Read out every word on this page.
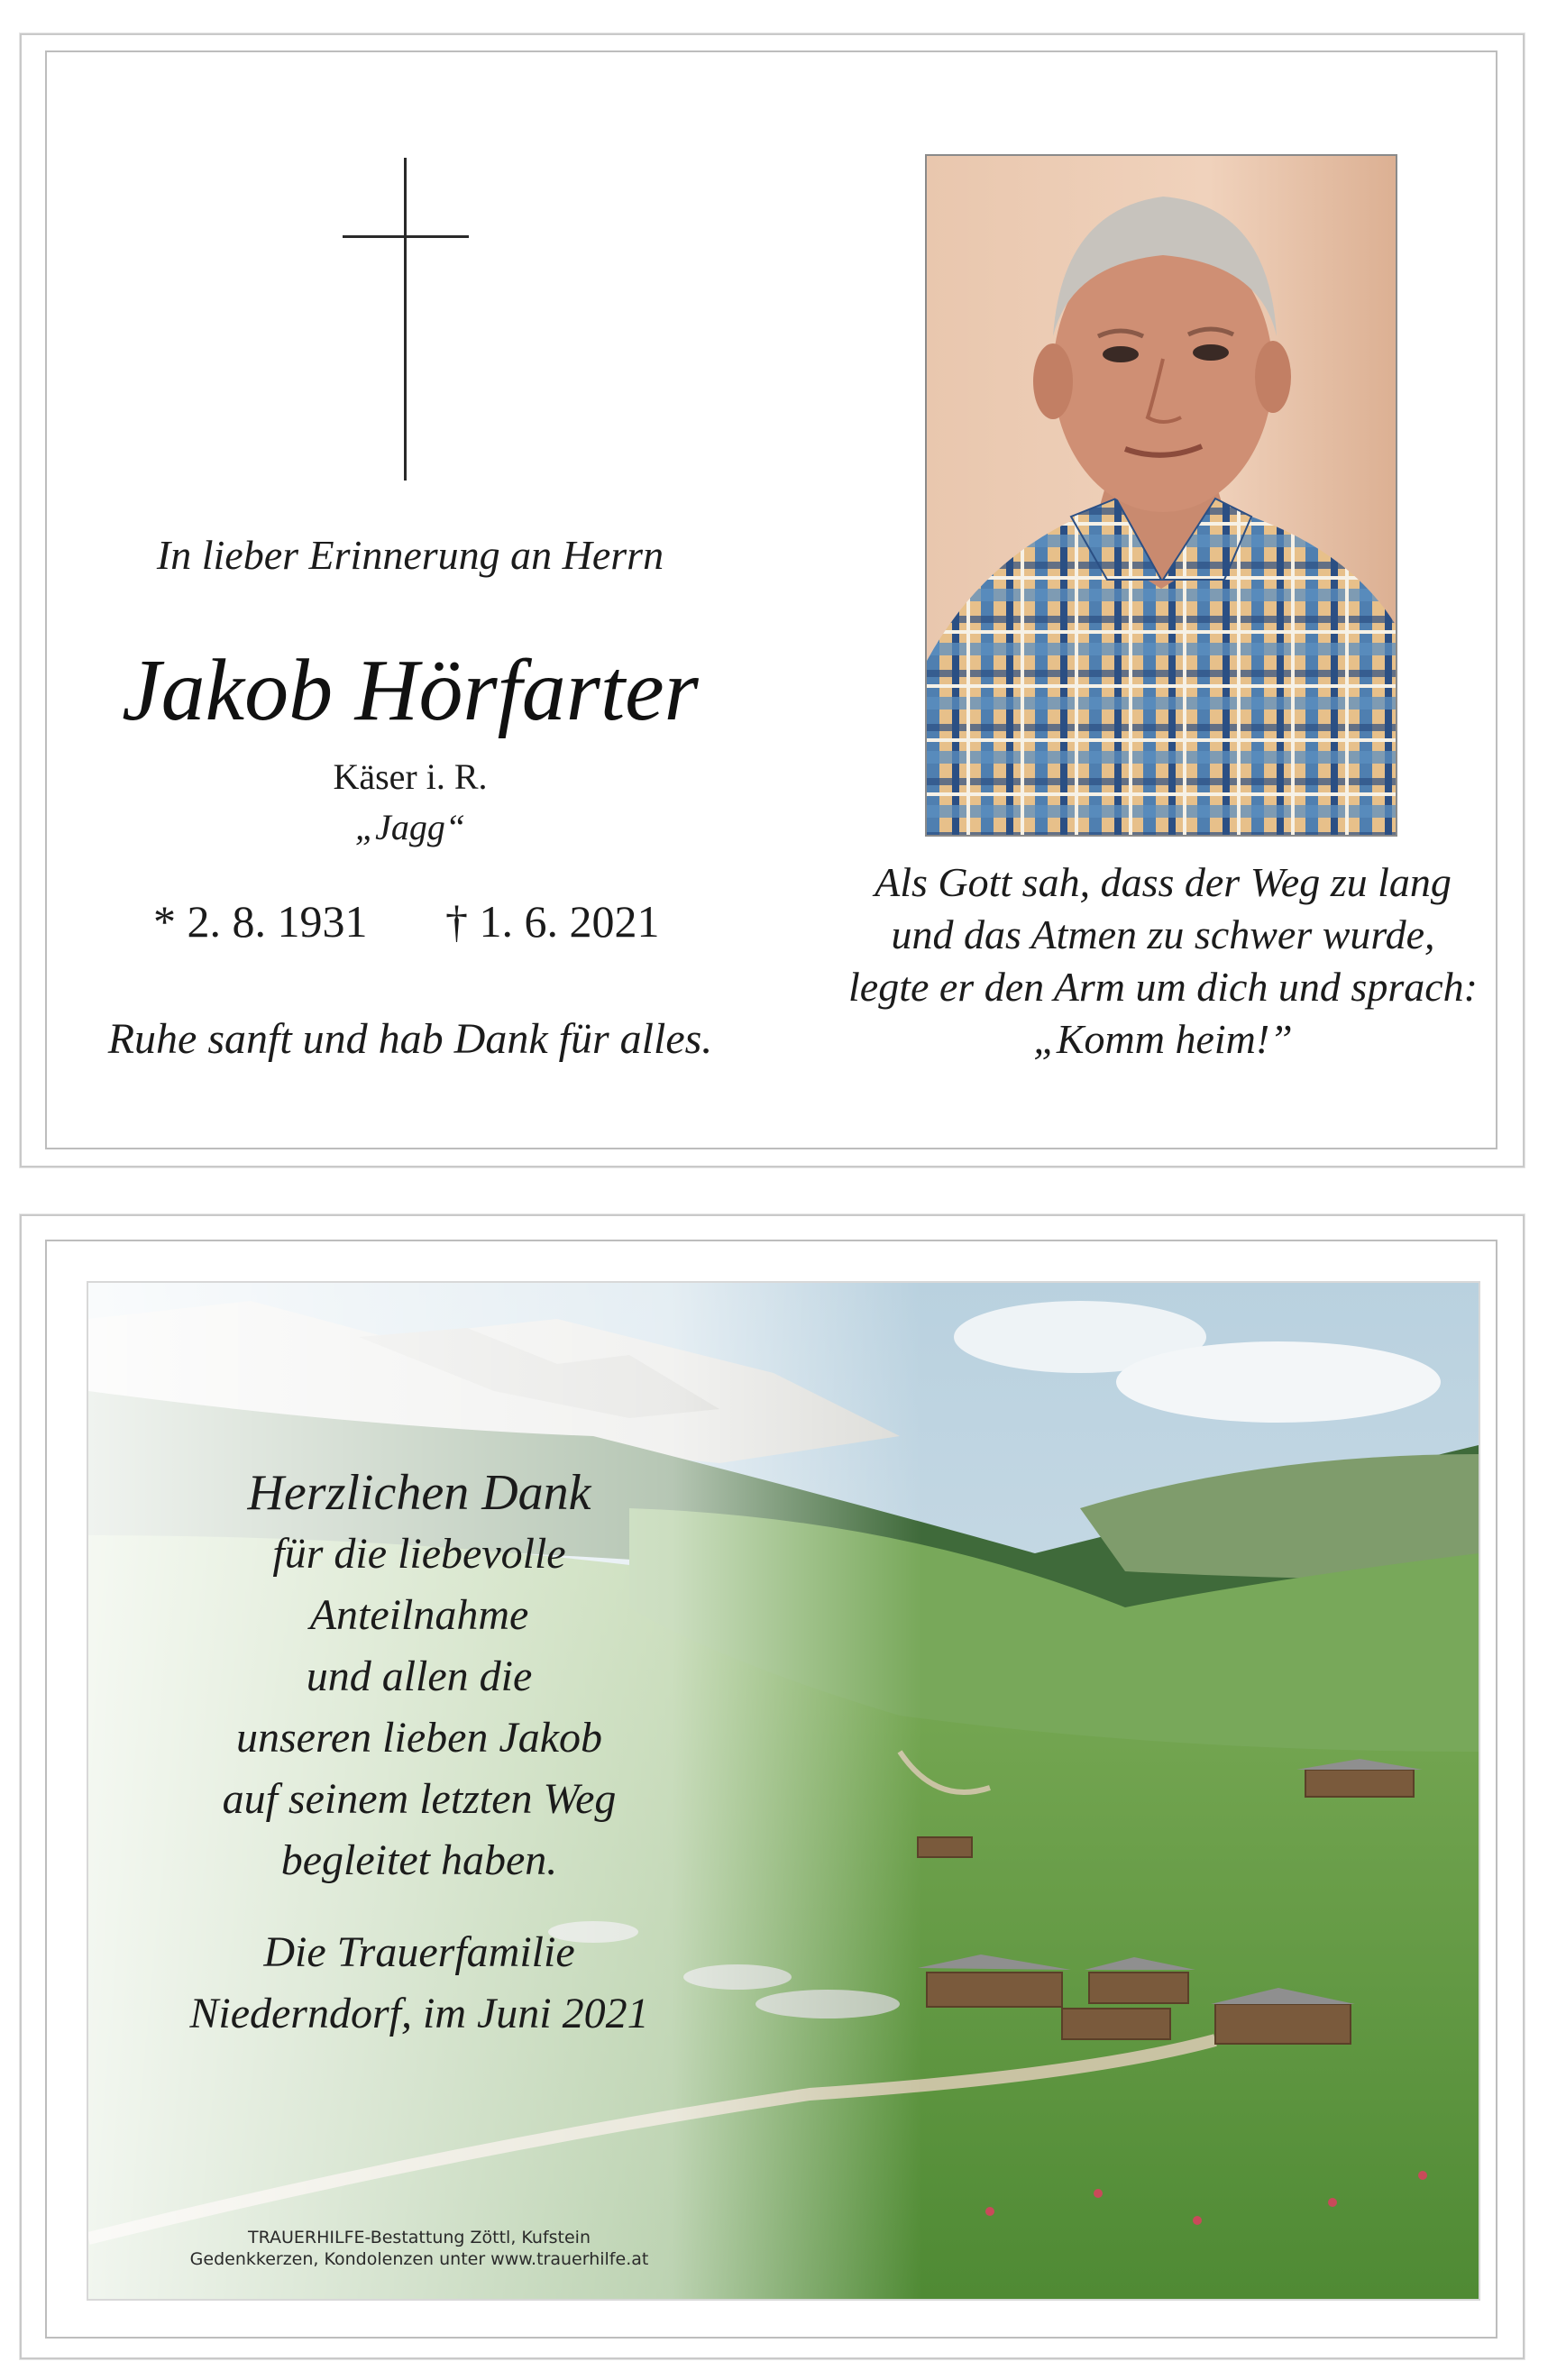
In lieber Erinnerung an Herrn
Jakob Hörfarter
Käser i. R.
„Jagg“
* 2. 8. 1931	† 1. 6. 2021
Ruhe sanft und hab Dank für alles.
Als Gott sah, dass der Weg zu lang
und das Atmen zu schwer wurde,
legte er den Arm um dich und sprach:
„Komm heim!”
Herzlichen Dank
für die liebevolle
Anteilnahme
und allen die
unseren lieben Jakob
auf seinem letzten Weg
begleitet haben.
Die Trauerfamilie
Niederndorf, im Juni 2021
TRAUERHILFE-Bestattung Zöttl, Kufstein
Gedenkkerzen, Kondolenzen unter www.trauerhilfe.at
